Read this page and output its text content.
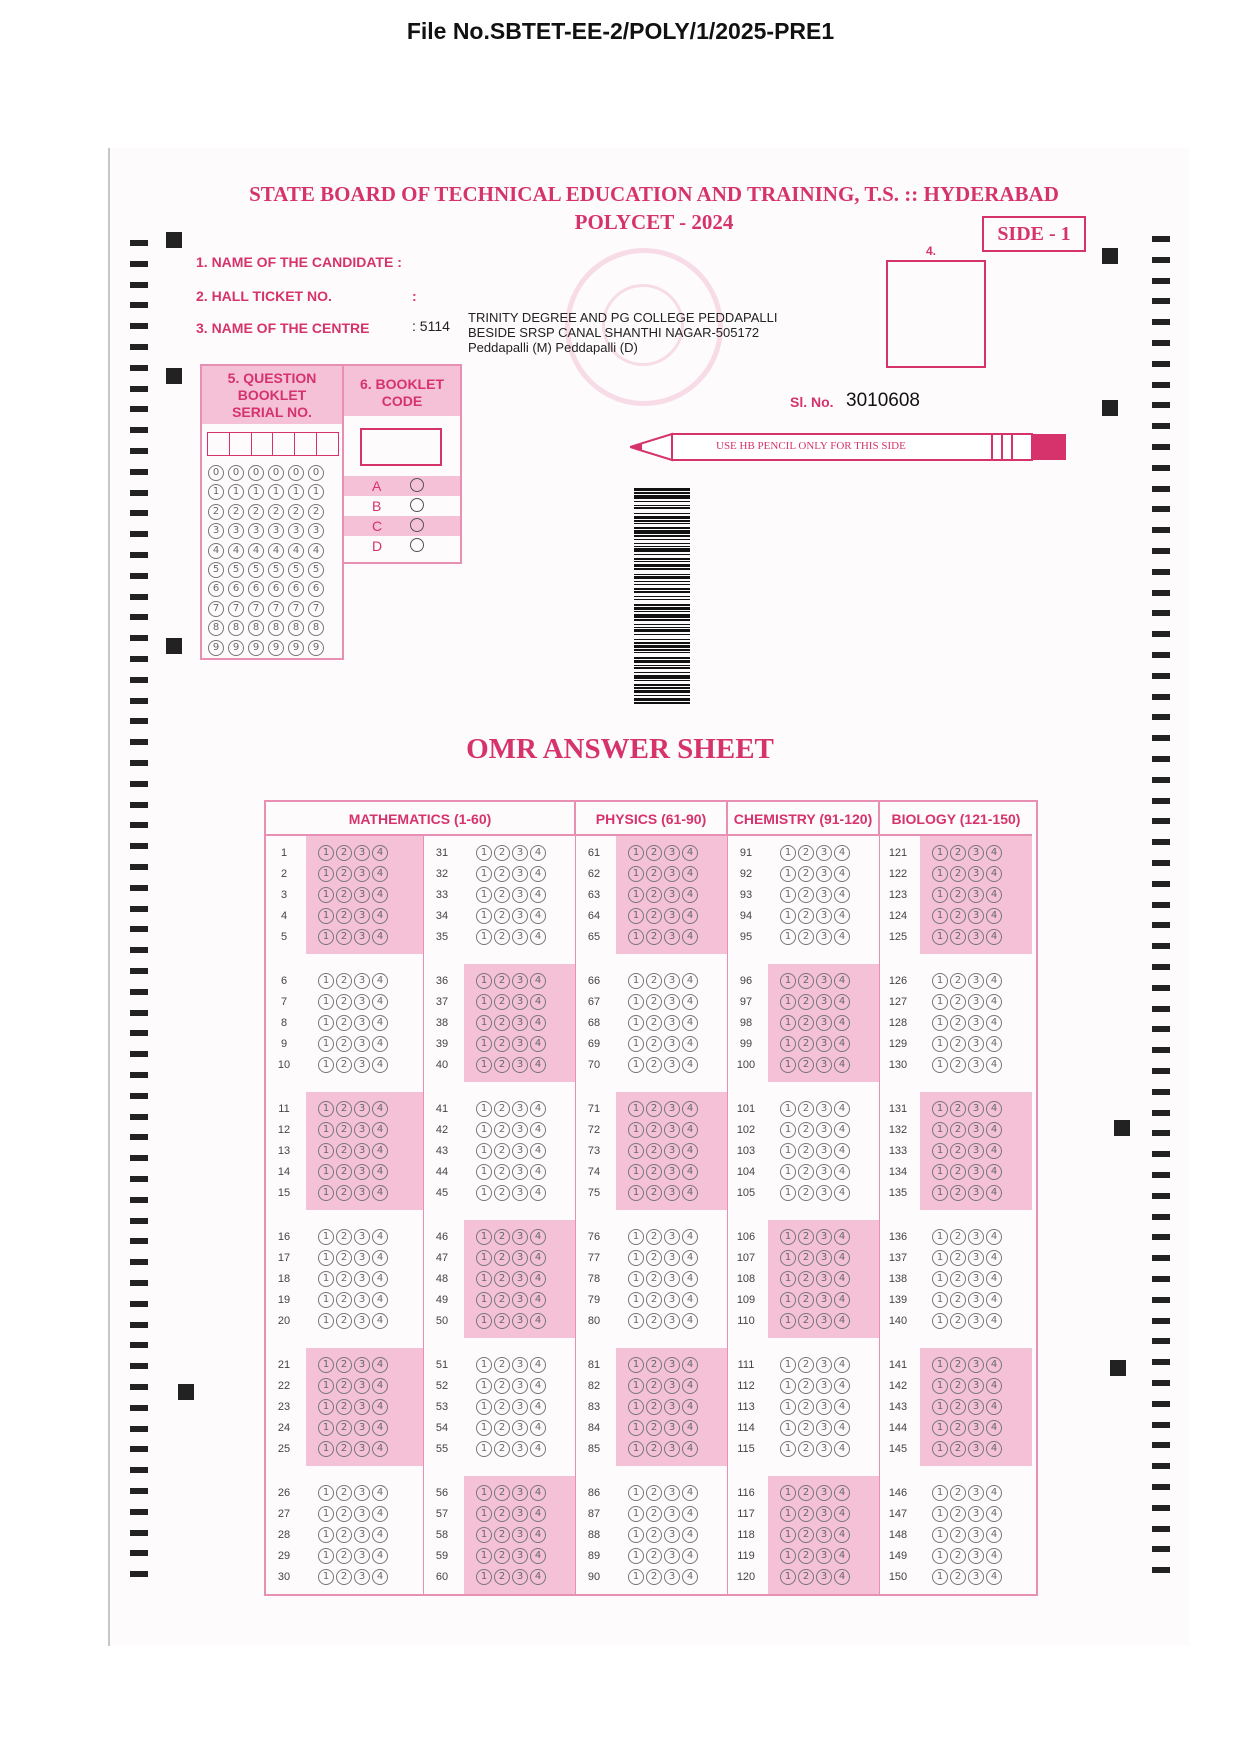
File No.SBTET-EE-2/POLY/1/2025-PRE1
STATE BOARD OF TECHNICAL EDUCATION AND TRAINING, T.S. :: HYDERABAD
POLYCET - 2024	SIDE - 1
4.
1. NAME OF THE CANDIDATE :
2. HALL TICKET NO.	:
3. NAME OF THE CENTRE	: 5114
TRINITY DEGREE AND PG COLLEGE PEDDAPALLI
BESIDE SRSP CANAL SHANTHI NAGAR-505172
Peddapalli (M) Peddapalli (D)
Sl. No. 3010608
USE HB PENCIL ONLY FOR THIS SIDE
5. QUESTION
BOOKLET
SERIAL NO.
0 0 0 0 0 0
1 1 1 1 1 1
2 2 2 2 2 2
3 3 3 3 3 3
4 4 4 4 4 4
5 5 5 5 5 5
6 6 6 6 6 6
7 7 7 7 7 7
8 8 8 8 8 8
9 9 9 9 9 9
6. BOOKLET
CODE
A
B
C
D
OMR ANSWER SHEET
MATHEMATICS (1-60)	PHYSICS (61-90)	CHEMISTRY (91-120)	BIOLOGY (121-150)
1	1 2 3 4
2	1 2 3 4
3	1 2 3 4
4	1 2 3 4
5	1 2 3 4
6	1 2 3 4
7	1 2 3 4
8	1 2 3 4
9	1 2 3 4
10	1 2 3 4
11	1 2 3 4
12	1 2 3 4
13	1 2 3 4
14	1 2 3 4
15	1 2 3 4
16	1 2 3 4
17	1 2 3 4
18	1 2 3 4
19	1 2 3 4
20	1 2 3 4
21	1 2 3 4
22	1 2 3 4
23	1 2 3 4
24	1 2 3 4
25	1 2 3 4
26	1 2 3 4
27	1 2 3 4
28	1 2 3 4
29	1 2 3 4
30	1 2 3 4
31	1 2 3 4
32	1 2 3 4
33	1 2 3 4
34	1 2 3 4
35	1 2 3 4
36	1 2 3 4
37	1 2 3 4
38	1 2 3 4
39	1 2 3 4
40	1 2 3 4
41	1 2 3 4
42	1 2 3 4
43	1 2 3 4
44	1 2 3 4
45	1 2 3 4
46	1 2 3 4
47	1 2 3 4
48	1 2 3 4
49	1 2 3 4
50	1 2 3 4
51	1 2 3 4
52	1 2 3 4
53	1 2 3 4
54	1 2 3 4
55	1 2 3 4
56	1 2 3 4
57	1 2 3 4
58	1 2 3 4
59	1 2 3 4
60	1 2 3 4
61	1 2 3 4
62	1 2 3 4
63	1 2 3 4
64	1 2 3 4
65	1 2 3 4
66	1 2 3 4
67	1 2 3 4
68	1 2 3 4
69	1 2 3 4
70	1 2 3 4
71	1 2 3 4
72	1 2 3 4
73	1 2 3 4
74	1 2 3 4
75	1 2 3 4
76	1 2 3 4
77	1 2 3 4
78	1 2 3 4
79	1 2 3 4
80	1 2 3 4
81	1 2 3 4
82	1 2 3 4
83	1 2 3 4
84	1 2 3 4
85	1 2 3 4
86	1 2 3 4
87	1 2 3 4
88	1 2 3 4
89	1 2 3 4
90	1 2 3 4
91	1 2 3 4
92	1 2 3 4
93	1 2 3 4
94	1 2 3 4
95	1 2 3 4
96	1 2 3 4
97	1 2 3 4
98	1 2 3 4
99	1 2 3 4
100	1 2 3 4
101	1 2 3 4
102	1 2 3 4
103	1 2 3 4
104	1 2 3 4
105	1 2 3 4
106	1 2 3 4
107	1 2 3 4
108	1 2 3 4
109	1 2 3 4
110	1 2 3 4
111	1 2 3 4
112	1 2 3 4
113	1 2 3 4
114	1 2 3 4
115	1 2 3 4
116	1 2 3 4
117	1 2 3 4
118	1 2 3 4
119	1 2 3 4
120	1 2 3 4
121	1 2 3 4
122	1 2 3 4
123	1 2 3 4
124	1 2 3 4
125	1 2 3 4
126	1 2 3 4
127	1 2 3 4
128	1 2 3 4
129	1 2 3 4
130	1 2 3 4
131	1 2 3 4
132	1 2 3 4
133	1 2 3 4
134	1 2 3 4
135	1 2 3 4
136	1 2 3 4
137	1 2 3 4
138	1 2 3 4
139	1 2 3 4
140	1 2 3 4
141	1 2 3 4
142	1 2 3 4
143	1 2 3 4
144	1 2 3 4
145	1 2 3 4
146	1 2 3 4
147	1 2 3 4
148	1 2 3 4
149	1 2 3 4
150	1 2 3 4
